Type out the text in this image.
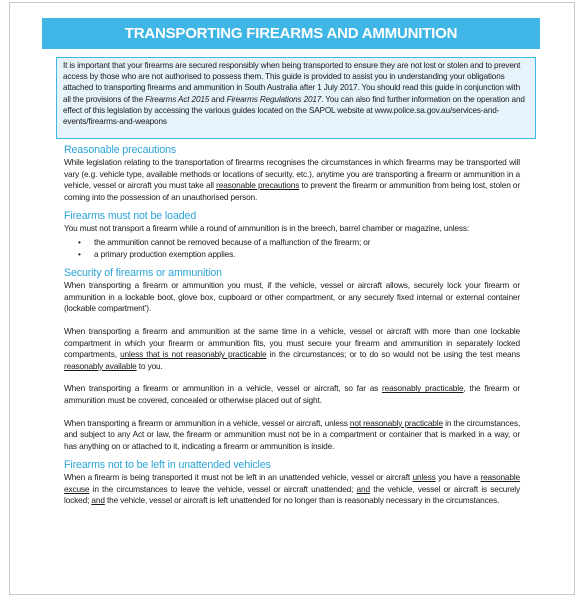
TRANSPORTING FIREARMS AND AMMUNITION
It is important that your firearms are secured responsibly when being transported to ensure they are not lost or stolen and to prevent access by those who are not authorised to possess them. This guide is provided to assist you in understanding your obligations attached to transporting firearms and ammunition in South Australia after 1 July 2017. You should read this guide in conjunction with all the provisions of the Firearms Act 2015 and Firearms Regulations 2017. You can also find further information on the operation and effect of this legislation by accessing the various guides located on the SAPOL website at www.police.sa.gov.au/services-and-events/firearms-and-weapons
Reasonable precautions

While legislation relating to the transportation of firearms recognises the circumstances in which firearms may be transported will vary (e.g. vehicle type, available methods or locations of security, etc.), anytime you are transporting a firearm or ammunition in a vehicle, vessel or aircraft you must take all reasonable precautions to prevent the firearm or ammunition from being lost, stolen or coming into the possession of an unauthorised person.

Firearms must not be loaded

You must not transport a firearm while a round of ammunition is in the breech, barrel chamber or magazine, unless:

• the ammunition cannot be removed because of a malfunction of the firearm; or
• a primary production exemption applies.
Security of firearms or ammunition

When transporting a firearm or ammunition you must, if the vehicle, vessel or aircraft allows, securely lock your firearm or ammunition in a lockable boot, glove box, cupboard or other compartment, or any securely fixed internal or external container (lockable compartment').

When transporting a firearm and ammunition at the same time in a vehicle, vessel or aircraft with more than one lockable compartment in which your firearm or ammunition fits, you must secure your firearm and ammunition in separately locked compartments, unless that is not reasonably practicable in the circumstances; or to do so would not be using the test means reasonably available to you.

When transporting a firearm or ammunition in a vehicle, vessel or aircraft, so far as reasonably practicable, the firearm or ammunition must be covered, concealed or otherwise placed out of sight.

When transporting a firearm or ammunition in a vehicle, vessel or aircraft, unless not reasonably practicable in the circumstances, and subject to any Act or law, the firearm or ammunition must not be in a compartment or container that is marked in a way, or has anything on or attached to it, indicating a firearm or ammunition is inside.

Firearms not to be left in unattended vehicles

When a firearm is being transported it must not be left in an unattended vehicle, vessel or aircraft unless you have a reasonable excuse in the circumstances to leave the vehicle, vessel or aircraft unattended; and the vehicle, vessel or aircraft is securely locked; and the vehicle, vessel or aircraft is left unattended for no longer than is reasonably necessary in the circumstances.
